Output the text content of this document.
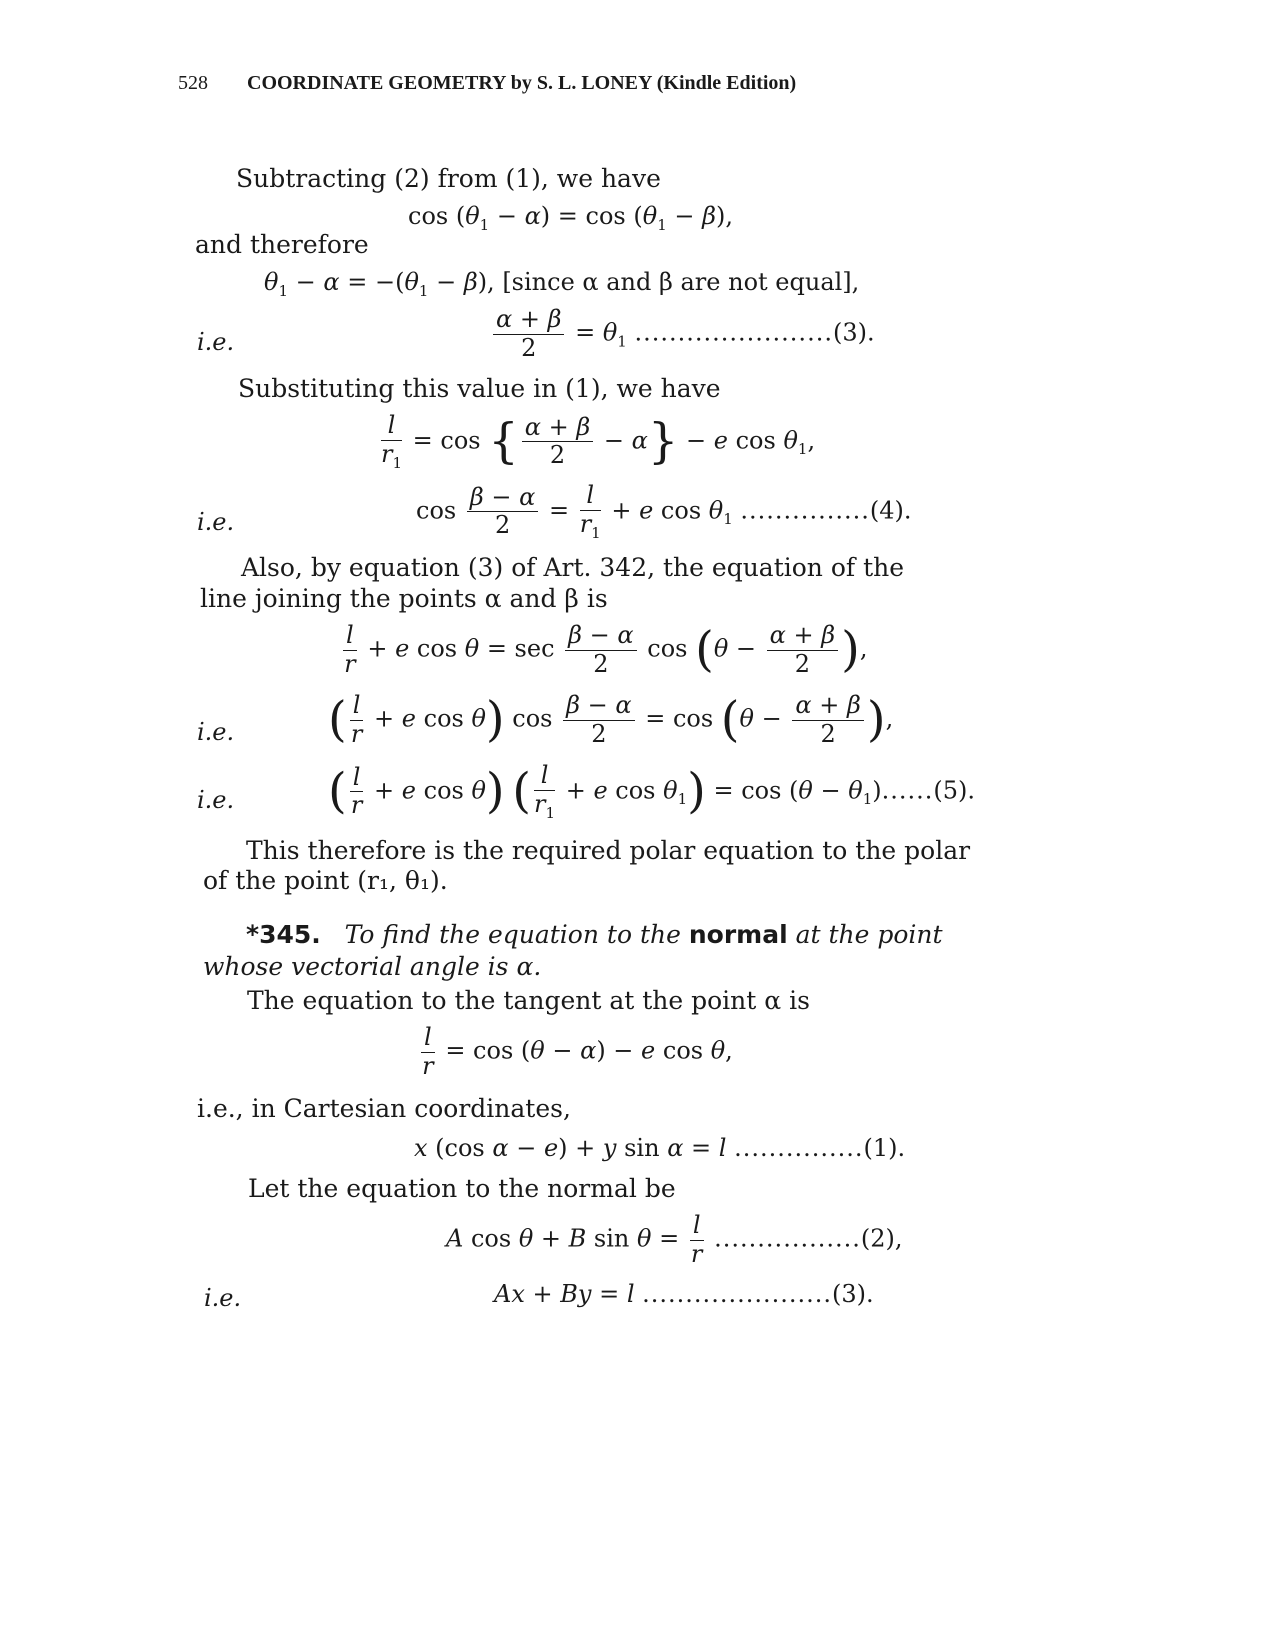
528 COORDINATE GEOMETRY by S. L. LONEY (Kindle Edition)
Subtracting (2) from (1), we have
$\cos (\theta_1 - \alpha) = \cos (\theta_1 - \beta)$,
and therefore
$\theta_1 - \alpha = -(\theta_1 - \beta)$, [since α and β are not equal],
i.e.	$\frac{\alpha + \beta}{2} = \theta_1$ .......................(3).
Substituting this value in (1), we have
$\frac{l}{r_1} = \cos$ { $\frac{\alpha + \beta}{2} - \alpha\} - e$ $\cos \theta_1$,
i.e.	$\cos \frac{\beta - \alpha}{2} = \frac{l}{r_1} + e$ $\cos \theta_1$ ...............(4).
Also, by equation (3) of Art. 342, the equation of the
line joining the points α and β is
$\frac{l}{r} + e$ $\cos \theta = \sec \frac{\beta - \alpha}{2}$ $\cos (\theta - \frac{\alpha + \beta}{2}$ ),
i.e. ( $\frac{l}{r} + e$ cos θ) $\cos \frac{\beta - \alpha}{2} = \cos (\theta - \frac{\alpha + \beta}{2}$ ),
i.e. ( $\frac{l}{r} + e$ cos θ) ( $\frac{l}{r_1} + e$ $\cos \theta_1) = \cos (\theta - \theta_1)......(5)$.
This therefore is the required polar equation to the polar
of the point (r₁, θ₁).
*345. To find the equation to the normal at the point
whose vectorial angle is α.
The equation to the tangent at the point α is
$\frac{l}{r} = \cos (\theta - \alpha) - e$ cos θ,
i.e., in Cartesian coordinates,
x (cos α − e) + y sin α = l ...............(1).
Let the equation to the normal be
A cos θ + B $\sin \theta = \frac{l}{r} .................(2)$,
i.e.	Ax + By = l ......................(3).
